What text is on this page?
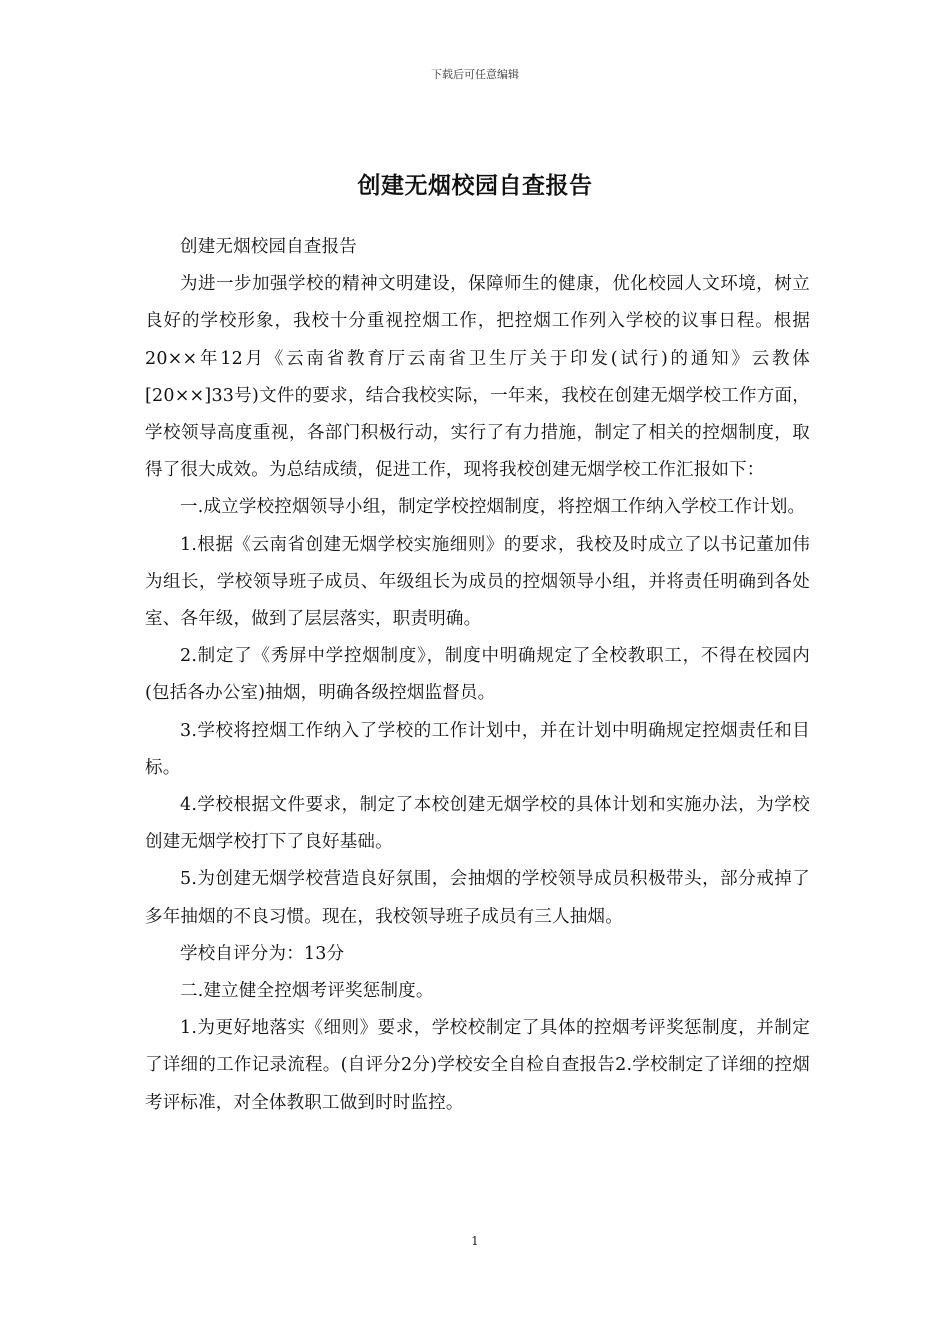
下载后可任意编辑
创建无烟校园自查报告

创建无烟校园自查报告

为进一步加强学校的精神文明建设，保障师生的健康，优化校园人文环境，树立良好的学校形象，我校十分重视控烟工作，把控烟工作列入学校的议事日程。根据20××年12月《云南省教育厅云南省卫生厅关于印发(试行)的通知》云教体[20××]33号)文件的要求，结合我校实际，一年来，我校在创建无烟学校工作方面，学校领导高度重视，各部门积极行动，实行了有力措施，制定了相关的控烟制度，取得了很大成效。为总结成绩，促进工作，现将我校创建无烟学校工作汇报如下：

一.成立学校控烟领导小组，制定学校控烟制度，将控烟工作纳入学校工作计划。

1.根据《云南省创建无烟学校实施细则》的要求，我校及时成立了以书记董加伟为组长，学校领导班子成员、年级组长为成员的控烟领导小组，并将责任明确到各处室、各年级，做到了层层落实，职责明确。

2.制定了《秀屏中学控烟制度》，制度中明确规定了全校教职工，不得在校园内(包括各办公室)抽烟，明确各级控烟监督员。

3.学校将控烟工作纳入了学校的工作计划中，并在计划中明确规定控烟责任和目标。

4.学校根据文件要求，制定了本校创建无烟学校的具体计划和实施办法，为学校创建无烟学校打下了良好基础。

5.为创建无烟学校营造良好氛围，会抽烟的学校领导成员积极带头，部分戒掉了多年抽烟的不良习惯。现在，我校领导班子成员有三人抽烟。

学校自评分为：13分

二.建立健全控烟考评奖惩制度。

1.为更好地落实《细则》要求，学校校制定了具体的控烟考评奖惩制度，并制定了详细的工作记录流程。(自评分2分)学校安全自检自查报告2.学校制定了详细的控烟考评标准，对全体教职工做到时时监控。

1
